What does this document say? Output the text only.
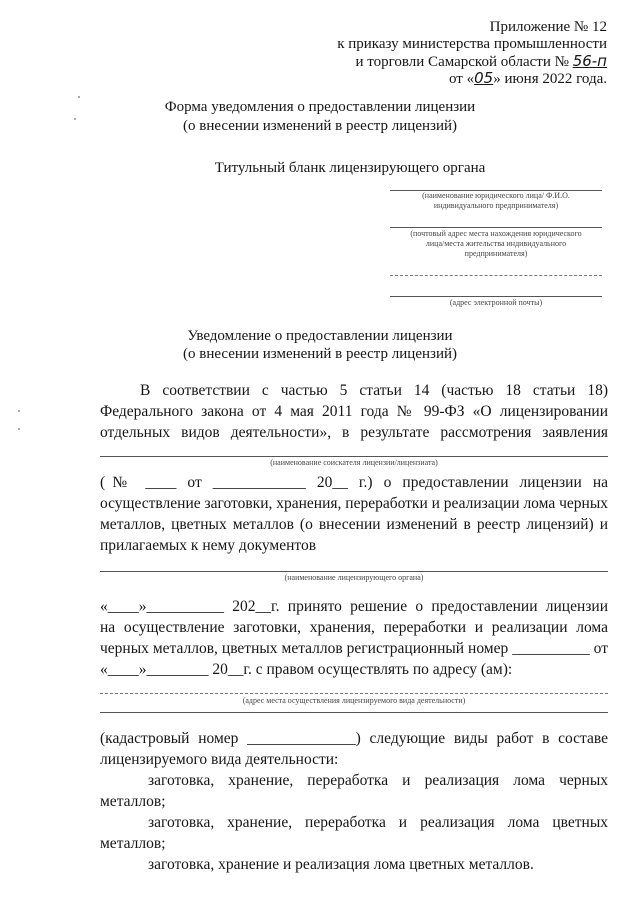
Приложение № 12
к приказу министерства промышленности
и торговли Самарской области № 56-п
от «05» июня 2022 года.
Форма уведомления о предоставлении лицензии
(о внесении изменений в реестр лицензий)
Титульный бланк лицензирующего органа
(наименование юридического лица/ Ф.И.О.
индивидуального предпринимателя)
(почтовый адрес места нахождения юридического
лица/места жительства индивидуального
предпринимателя)
(адрес электронной почты)
Уведомление о предоставлении лицензии
(о внесении изменений в реестр лицензий)
В соответствии с частью 5 статьи 14 (частью 18 статьи 18)
Федерального закона от 4 мая 2011 года № 99-ФЗ «О лицензировании
отдельных видов деятельности», в результате рассмотрения заявления
(наименование соискателя лицензии/лицензиата)
(№ ____ от ____________ 20__ г.) о предоставлении лицензии на
осуществление заготовки, хранения, переработки и реализации лома черных
металлов, цветных металлов (о внесении изменений в реестр лицензий) и
прилагаемых к нему документов
(наименование лицензирующего органа)
«____»__________ 202__г. принято решение о предоставлении лицензии
на осуществление заготовки, хранения, переработки и реализации лома
черных металлов, цветных металлов регистрационный номер __________ от
«____»________ 20__г. с правом осуществлять по адресу (ам):
(адрес места осуществления лицензируемого вида деятельности)
(кадастровый номер ______________) следующие виды работ в составе
лицензируемого вида деятельности:
заготовка, хранение, переработка и реализация лома черных
металлов;
заготовка, хранение, переработка и реализация лома цветных
металлов;
заготовка, хранение и реализация лома цветных металлов.
